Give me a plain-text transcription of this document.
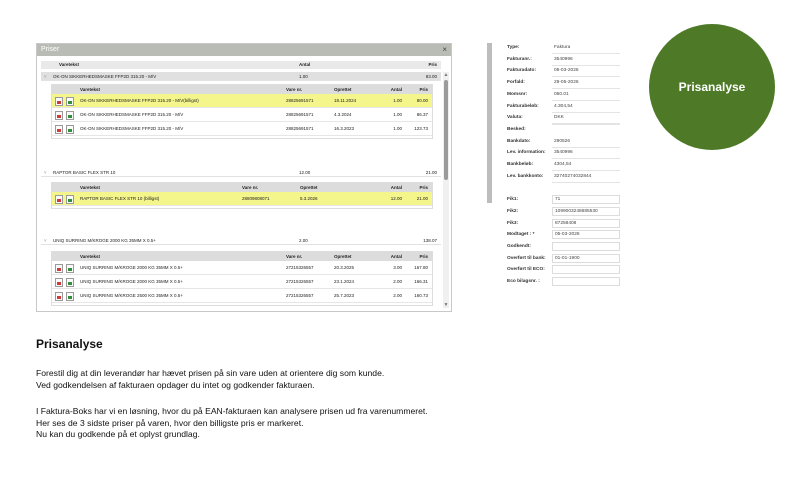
Priser	×
Varetekst	Antal	Pris
▲
▼
˅ OK-ON SIKKERHEDSMASKE FFP2D 315.20 - M/V	1.00	83.00
Varetekst	Vare nr.	Oprettet	Antal	Pris
OK-ON SIKKERHEDSMASKE FFP2D 315.20 - M/V(billigst)	28825691571	18.11.2024	1.00	80.00
OK-ON SIKKERHEDSMASKE FFP2D 315.20 - M/V	28825691571	4.3.2024	1.00	86.37
OK-ON SIKKERHEDSMASKE FFP2D 315.20 - M/V	28825691571	16.3.2023	1.00	123.73
˅ RAPTOR BASIC FLEX STR 10	12.00	21.00
Varetekst	Vare nr.	Oprettet	Antal	Pris
RAPTOR BASIC FLEX STR 10 (billigst)	28809808071	5.3.2026	12.00	21.00
˅ UNIQ SURRING M/KROGE 2000 KG 35MM X 0.5+	2.00	138.07
Varetekst	Vare nr.	Oprettet	Antal	Pris
UNIQ SURRING M/KROGE 2000 KG 35MM X 0.5+	27215326557	20.3.2025	3.00	167.80
UNIQ SURRING M/KROGE 2000 KG 35MM X 0.5+	27215326557	23.1.2024	2.00	166.31
UNIQ SURRING M/KROGE 2500 KG 35MM X 0.5+	27215326557	25.7.2023	2.00	160.73
Type:	Faktura
Fakturanr.:	3540996
Fakturadato:	05-03-2026
Forfald:	29-05-2026
Momsnr:	060.01
Fakturabeløb:	4.304,54
Valuta:	DKK
Besked:
Bankdato:	290526
Lev. information:	3540996
Bankbeløb:	4304,54
Lev. bankkonto:	32740274032844
Fik1:	71
Fik2:	1099003248685530
Fik3:	87258408
Modtaget : *	05-03-2026
Godkendt:
Overført til bank:	01-01-1900
Overført til ECO:
Eco bilagsnr. :
Prisanalyse
Prisanalyse
Forestil dig at din leverandør har hævet prisen på sin vare uden at orientere dig som kunde.
Ved godkendelsen af fakturaen opdager du intet og godkender fakturaen.
I Faktura-Boks har vi en løsning, hvor du på EAN-fakturaen kan analysere prisen ud fra varenummeret.
Her ses de 3 sidste priser på varen, hvor den billigste pris er markeret.
Nu kan du godkende på et oplyst grundlag.
